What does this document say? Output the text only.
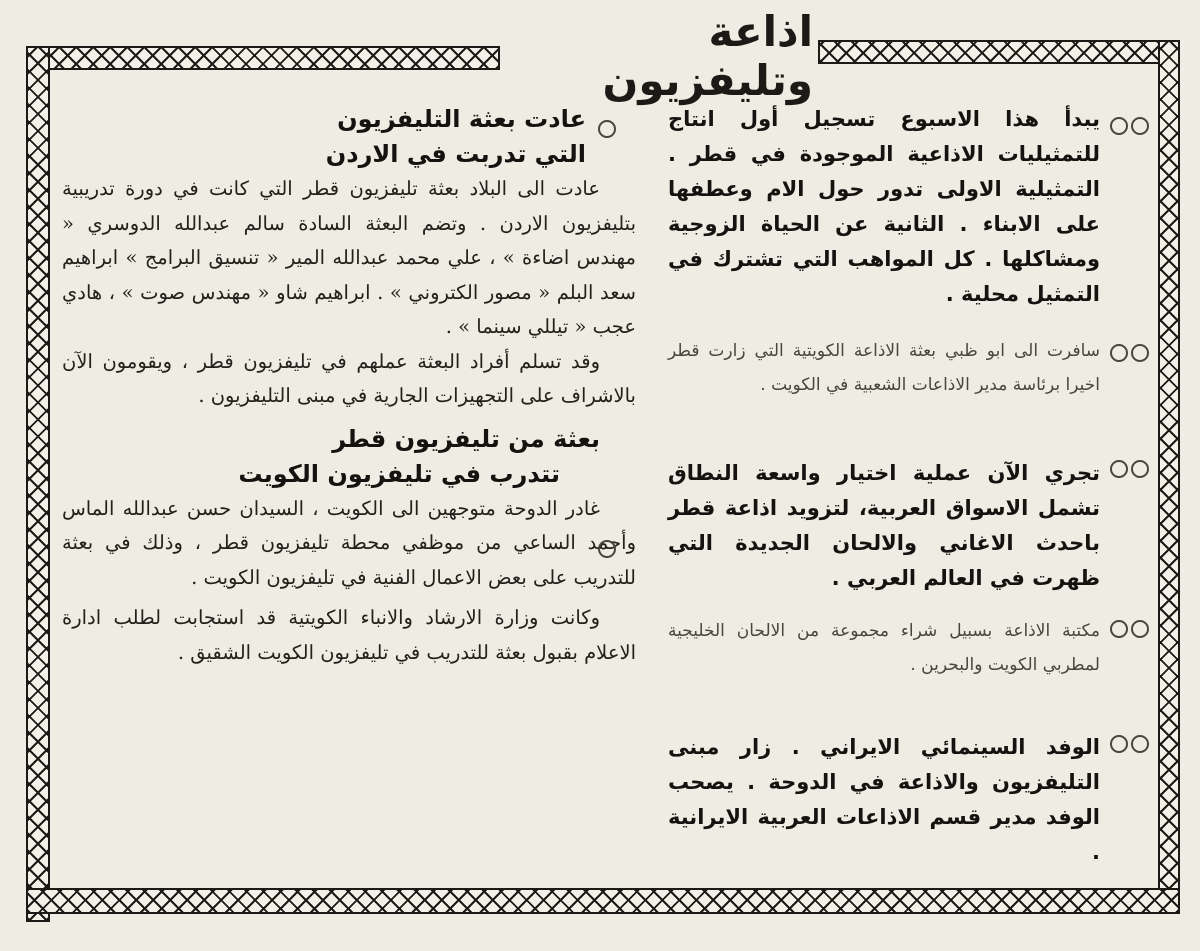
اذاعة وتليفزيون

يبدأ هذا الاسبوع تسجيل أول انتاج للتمثيليات الاذاعية الموجودة في قطر . التمثيلية الاولى تدور حول الام وعطفها على الابناء . الثانية عن الحياة الزوجية ومشاكلها . كل المواهب التي تشترك في التمثيل محلية .

سافرت الى ابو ظبي بعثة الاذاعة الكويتية التي زارت قطر اخيرا برئاسة مدير الاذاعات الشعبية في الكويت .

تجري الآن عملية اختيار واسعة النطاق تشمل الاسواق العربية، لتزويد اذاعة قطر باحدث الاغاني والالحان الجديدة التي ظهرت في العالم العربي .

مكتبة الاذاعة بسبيل شراء مجموعة من الالحان الخليجية لمطربي الكويت والبحرين .

الوفد السينمائي الايراني . زار مبنى التليفزيون والاذاعة في الدوحة . يصحب الوفد مدير قسم الاذاعات العربية الايرانية .

عادت بعثة التليفزيون

التي تدربت في الاردن

عادت الى البلاد بعثة تليفزيون قطر التي كانت في دورة تدريبية بتليفزيون الاردن . وتضم البعثة السادة سالم عبدالله الدوسري « مهندس اضاءة » ، علي محمد عبدالله المير « تنسيق البرامج » ابراهيم سعد البلم « مصور الكتروني » . ابراهيم شاو « مهندس صوت » ، هادي عجب « تيللي سينما » .

وقد تسلم أفراد البعثة عملهم في تليفزيون قطر ، ويقومون الآن بالاشراف على التجهيزات الجارية في مبنى التليفزيون .

بعثة من تليفزيون قطر

تتدرب في تليفزيون الكويت

غادر الدوحة متوجهين الى الكويت ، السيدان حسن عبدالله الماس وأحمد الساعي من موظفي محطة تليفزيون قطر ، وذلك في بعثة للتدريب على بعض الاعمال الفنية في تليفزيون الكويت .

وكانت وزارة الارشاد والانباء الكويتية قد استجابت لطلب ادارة الاعلام بقبول بعثة للتدريب في تليفزيون الكويت الشقيق .
